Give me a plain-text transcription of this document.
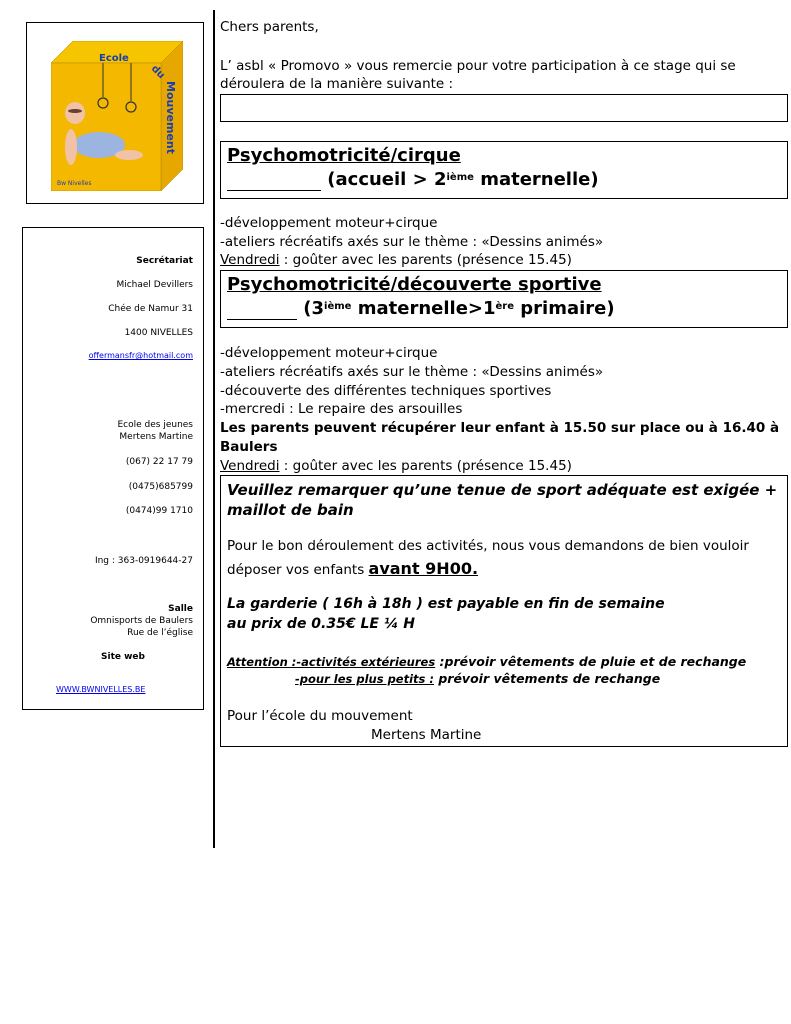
Ecole
du
Mouvement
Bw Nivelles
Secrétariat
Michael Devillers
Chée de Namur 31
1400 NIVELLES
offermansfr@hotmail.com
Ecole des jeunes
Mertens Martine
(067) 22 17 79
(0475)685799
(0474)99 1710
Ing : 363-0919644-27
Salle
Omnisports de Baulers
Rue de l’église
Site web
WWW.BWNIVELLES.BE
Chers parents,
L’ asbl « Promovo » vous remercie pour votre participation à ce stage qui se
déroulera de la manière suivante :
Psychomotricité/cirque
(accueil > 2ième maternelle)
-développement moteur+cirque
-ateliers récréatifs axés sur le thème : «Dessins animés»
Vendredi : goûter avec les parents (présence 15.45)
Psychomotricité/découverte sportive
(3ième maternelle>1ère primaire)
-développement moteur+cirque
-ateliers récréatifs axés sur le thème : «Dessins animés»
-découverte des différentes techniques sportives
-mercredi : Le repaire des arsouilles
Les parents peuvent récupérer leur enfant à 15.50 sur place ou à 16.40 à
Baulers
Vendredi : goûter avec les parents (présence 15.45)
Veuillez remarquer qu’une tenue de sport adéquate est exigée +
maillot de bain
Pour le bon déroulement des activités, nous vous demandons de bien vouloir
déposer vos enfants avant 9H00.
La garderie ( 16h à 18h ) est payable en fin de semaine
au prix de 0.35€ LE ¼ H
Attention :-activités extérieures :prévoir vêtements de pluie et de rechange
-pour les plus petits : prévoir vêtements de rechange
Pour l’école du mouvement
Mertens Martine
